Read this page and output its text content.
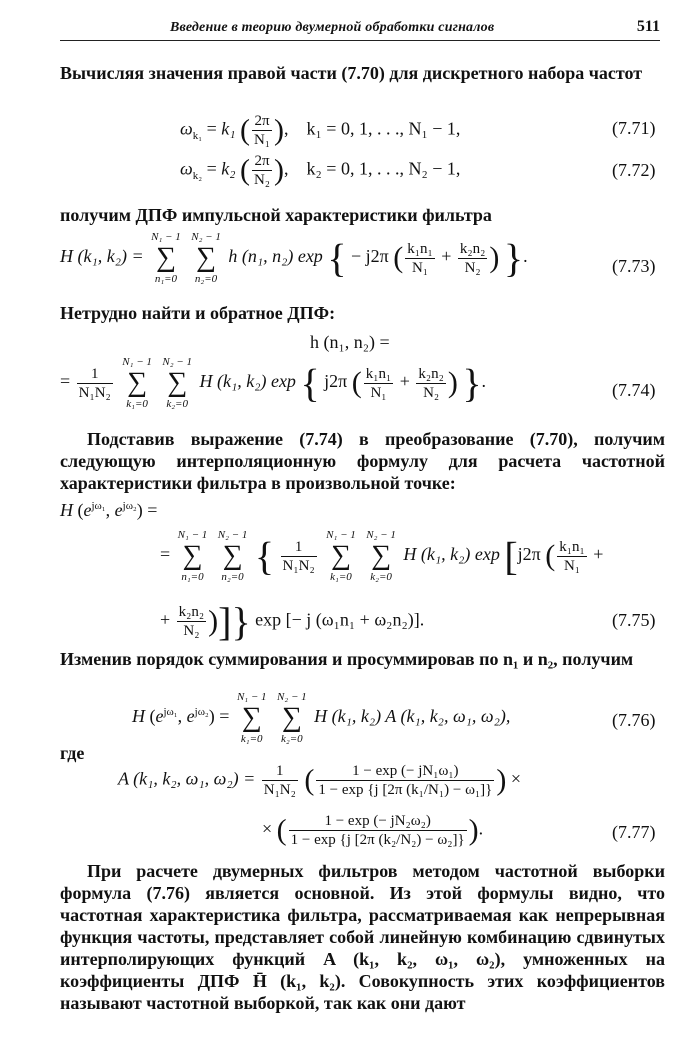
Введение в теорию двумерной обработки сигналов	511

Вычисляя значения правой части (7.70) для дискретного набора частот

$\omega_{k_1} = k_1$ ( $\frac{2\pi}{\text{N₁}}$ ),    k₁ = 0, 1, . . ., N₁ − 1,	(7.71)
$\omega_{k_2} = k_2$ ( $\frac{2\pi}{\text{N₂}}$ ),    k₂ = 0, 1, . . ., N₂ − 1,	(7.72)

получим ДПФ импульсной характеристики фильтра

H (k₁, k₂) =
N₁ − 1
∑
n₁=0

N₂ − 1
∑
n₂=0
h (n₁, n₂) exp { − j2π ( $\frac{\text{k₁n₁}}{\text{N₁}} + \frac{\text{k₂n₂}}{\text{N₂}}$ ) }.	(7.73)

Нетрудно найти и обратное ДПФ:

h (n₁, n₂) =
= $\frac{1}{\text{N₁N₂}}$

N₁ − 1
∑
k₁=0

N₂ − 1
∑
k₂=0
H (k₁, k₂) exp { j2π ( $\frac{\text{k₁n₁}}{\text{N₁}} + \frac{\text{k₂n₂}}{\text{N₂}}$ ) }.	(7.74)

Подставив выражение (7.74) в преобразование (7.70), получим следующую интерполяционную формулу для расчета частотной характеристики фильтра в произвольной точке:

H ($e^{j\omega_1}$, $e^{j\omega_2}$) =
=
N₁ − 1
∑
n₁=0

N₂ − 1
∑
n₂=0 { $\frac{1}{\text{N₁N₂}}$

N₁ − 1
∑
k₁=0

N₂ − 1
∑
k₂=0
H (k₁, k₂) exp [j2π ( $\frac{\text{k₁n₁}}{\text{N₁}}$ +
+ $\frac{\text{k₂n₂}}{\text{N₂}}$ )]} exp [− j (ω₁n₁ + ω₂n₂)].	(7.75)

Изменив порядок суммирования и просуммировав по n₁ и n₂, получим

H ($e^{j\omega_1}$, $e^{j\omega_2}$) =
N₁ − 1
∑
k₁=0

N₂ − 1
∑
k₂=0
H (k₁, k₂) A (k₁, k₂, ω₁, ω₂),	(7.76)

где

A (k₁, k₂, ω₁, $\omega_2) = \frac{1}{\text{N₁N₂}}$ ( $\frac{\text{1 − exp (− jN₁ω₁)}}{\text{1 − exp \{j [2π (k₁/N₁) − ω₁]\}}}$ ) ×
× ( $\frac{\text{1 − exp (− jN₂ω₂)}}{\text{1 − exp \{j [2π (k₂/N₂) − ω₂]\}}}$ ).	(7.77)

При расчете двумерных фильтров методом частотной выборки формула (7.76) является основной. Из этой формулы видно, что частотная характеристика фильтра, рассматриваемая как непрерывная функция частоты, представляет собой линейную комбинацию сдвинутых интерполирующих функций A (k₁, k₂, ω₁, ω₂), умноженных на коэффициенты ДПФ H̄ (k₁, k₂). Совокупность этих коэффициентов называют частотной выборкой, так как они дают
